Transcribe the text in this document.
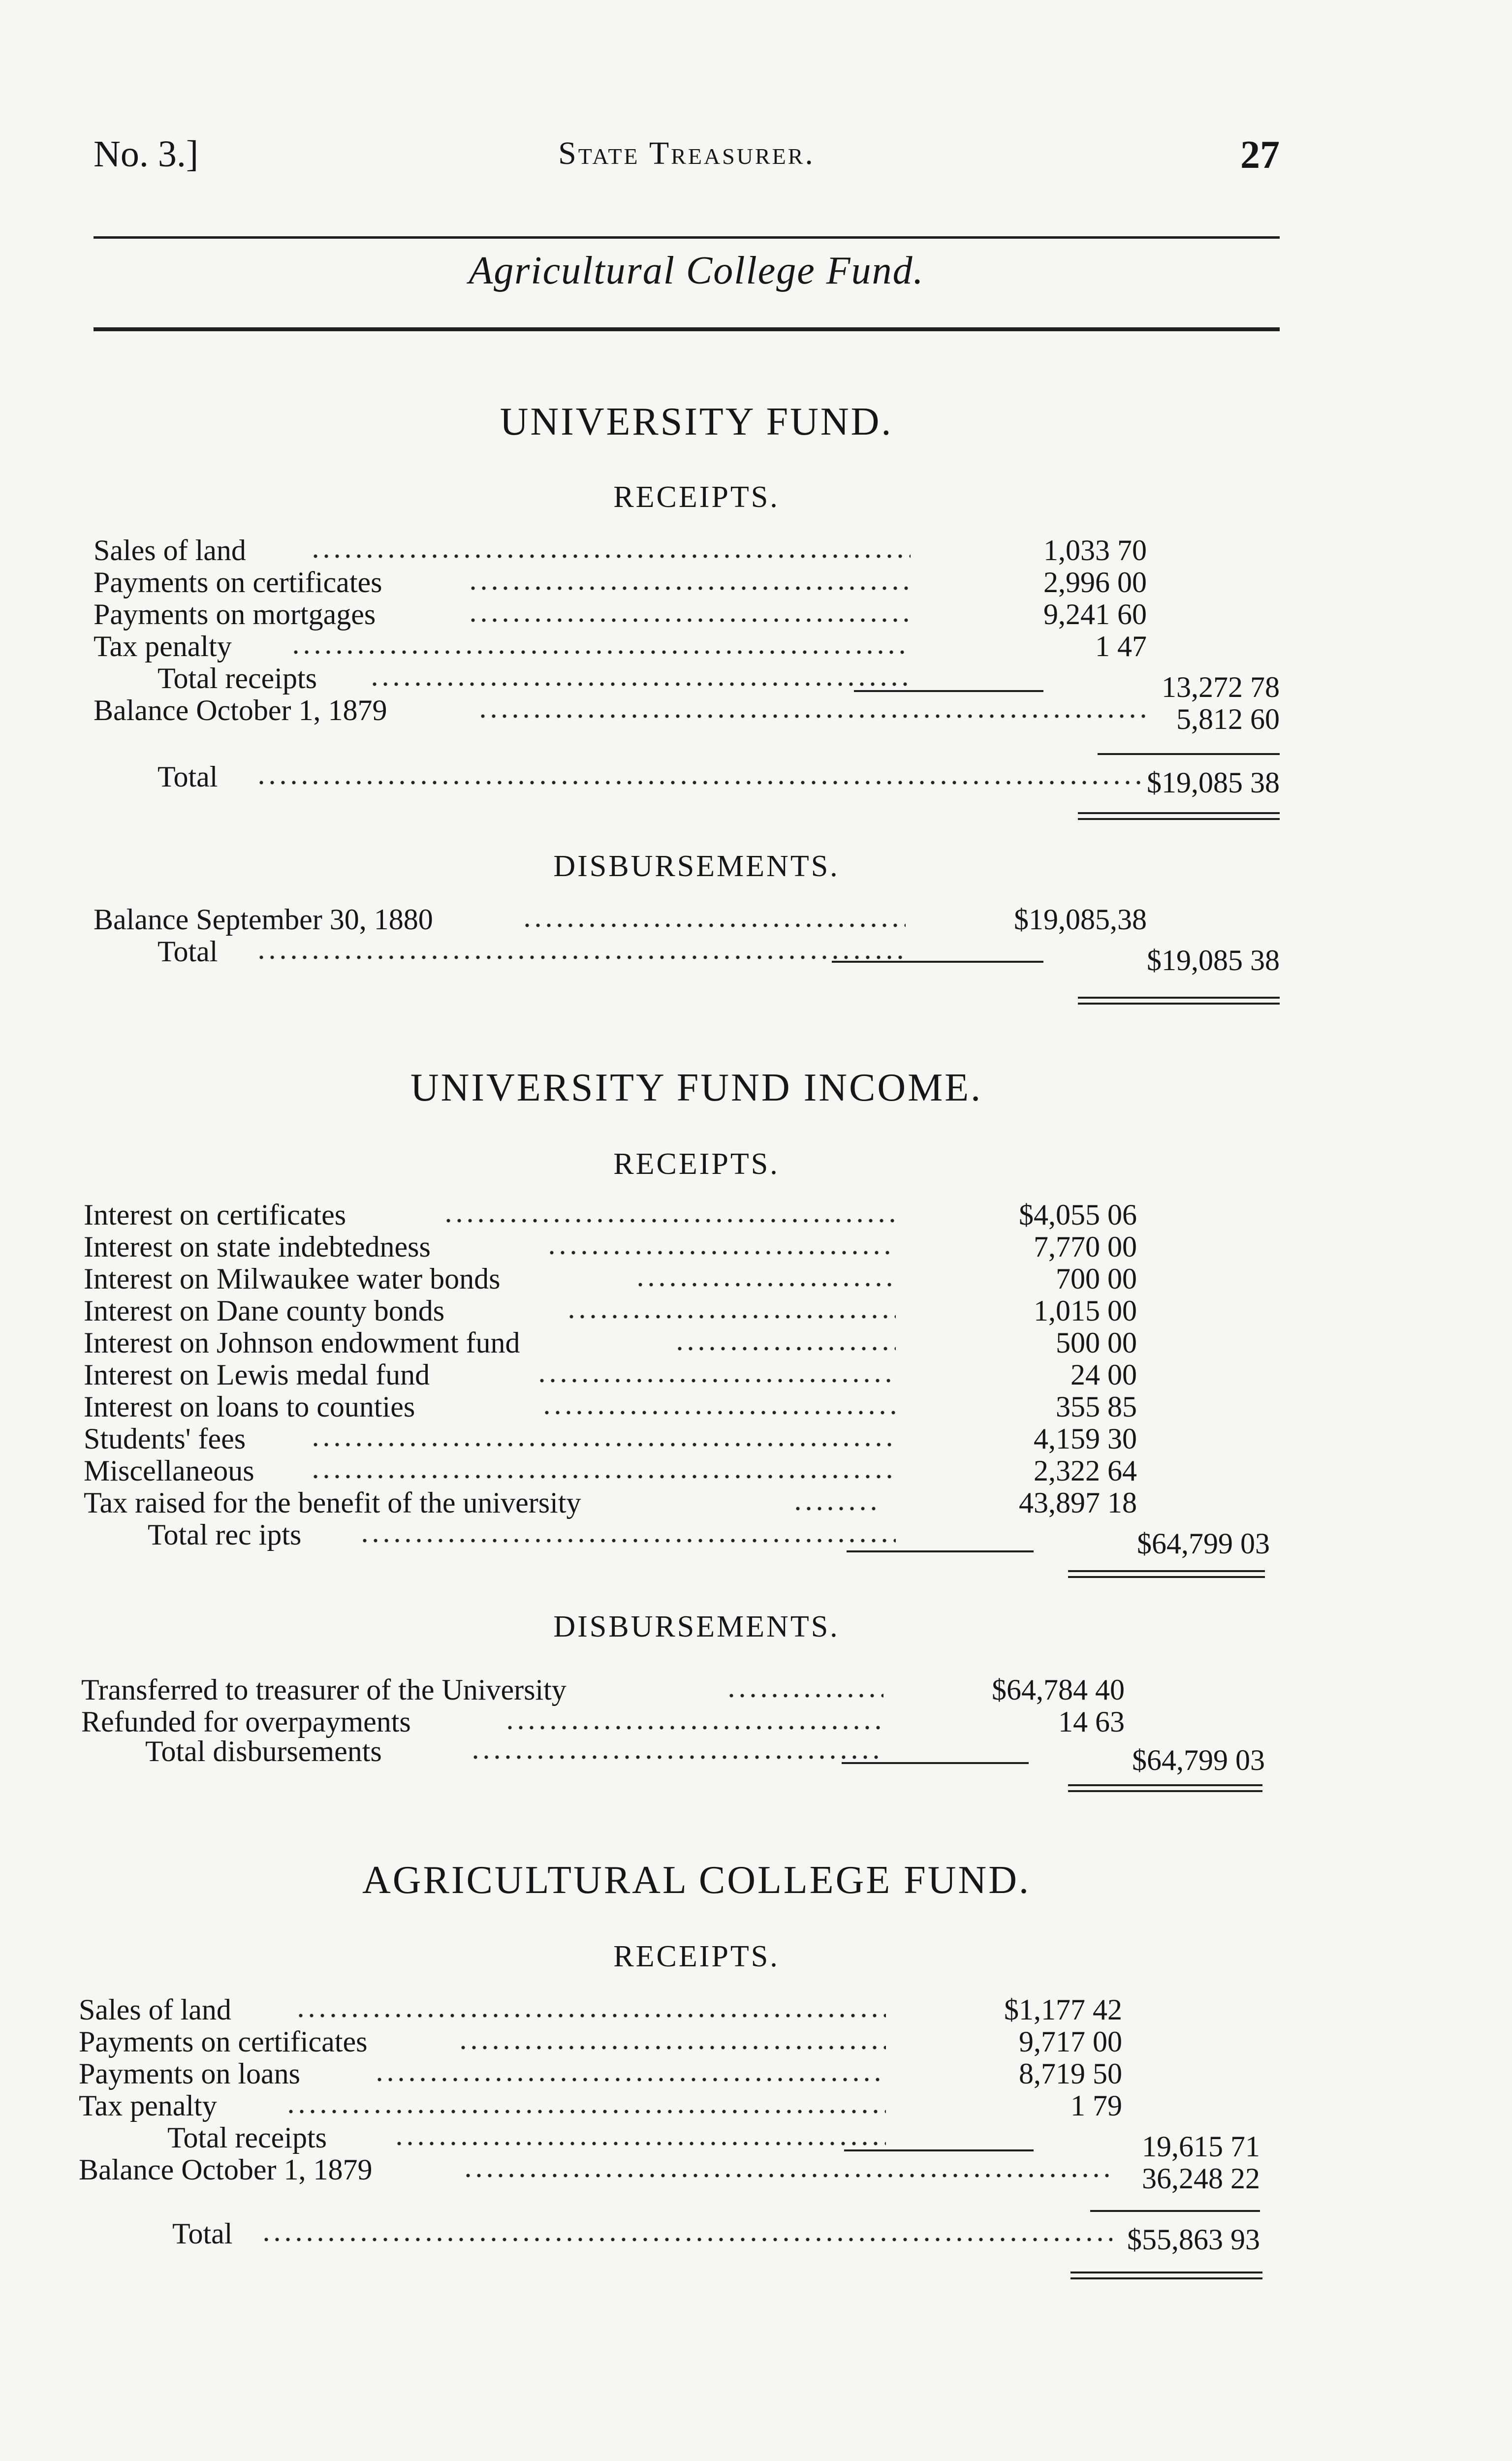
No. 3.]	State Treasurer.	27
Agricultural College Fund.
UNIVERSITY FUND.
RECEIPTS.
Sales of land	1,033 70
Payments on certificates	2,996 00
Payments on mortgages	9,241 60
Tax penalty	1 47
Total receipts	13,272 78
Balance October 1, 1879	5,812 60
Total	$19,085 38
DISBURSEMENTS.
Balance September 30, 1880	$19,085,38
Total	$19,085 38
UNIVERSITY FUND INCOME.
RECEIPTS.
Interest on certificates	$4,055 06
Interest on state indebtedness	7,770 00
Interest on Milwaukee water bonds	700 00
Interest on Dane county bonds	1,015 00
Interest on Johnson endowment fund	500 00
Interest on Lewis medal fund	24 00
Interest on loans to counties	355 85
Students' fees	4,159 30
Miscellaneous	2,322 64
Tax raised for the benefit of the university	43,897 18
Total rec ipts	$64,799 03
DISBURSEMENTS.
Transferred to treasurer of the University	$64,784 40
Refunded for overpayments	14 63
Total disbursements	$64,799 03
AGRICULTURAL COLLEGE FUND.
RECEIPTS.
Sales of land	$1,177 42
Payments on certificates	9,717 00
Payments on loans	8,719 50
Tax penalty	1 79
Total receipts	19,615 71
Balance October 1, 1879	36,248 22
Total	$55,863 93
